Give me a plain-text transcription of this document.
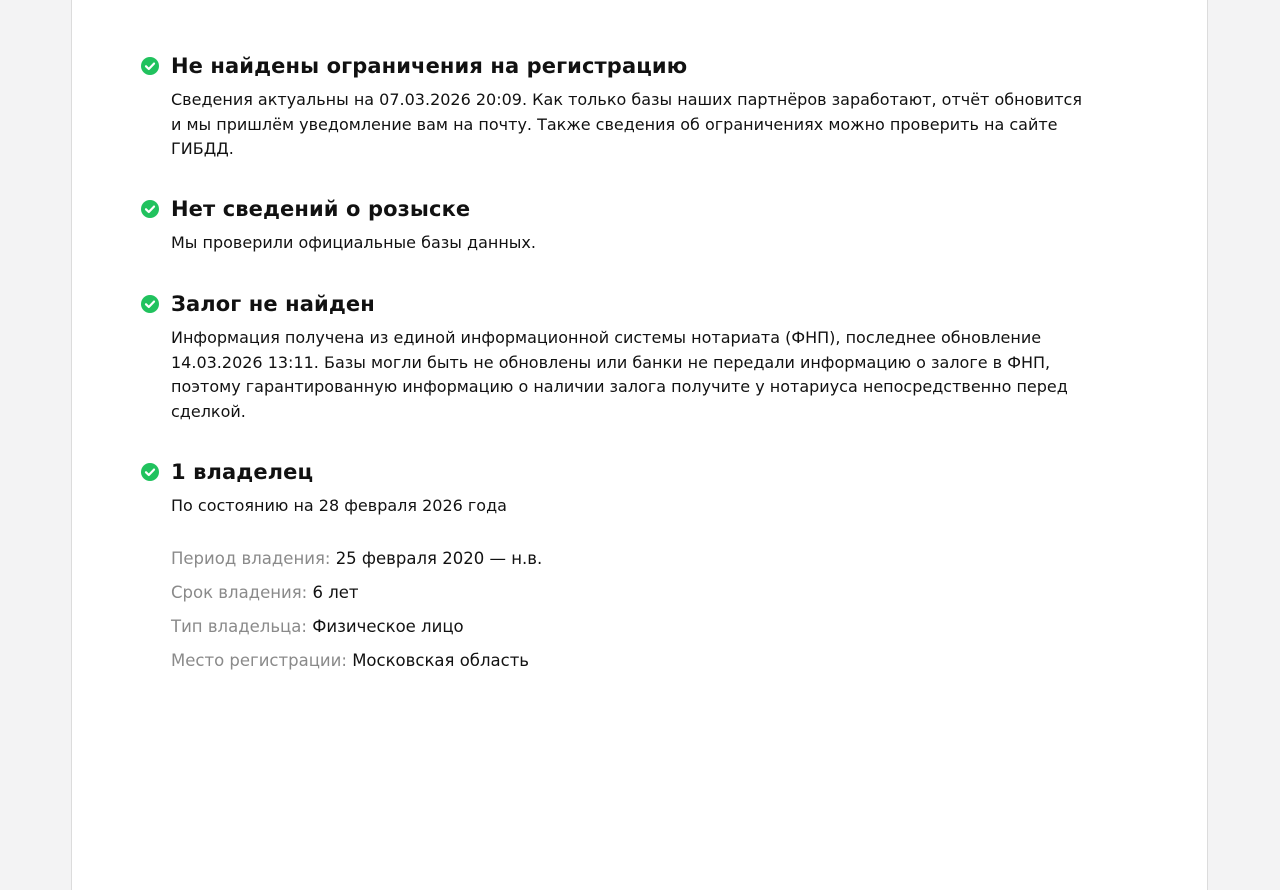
Не найдены ограничения на регистрацию
Сведения актуальны на 07.03.2026 20:09. Как только базы наших партнёров заработают, отчёт обновится и мы пришлём уведомление вам на почту. Также сведения об ограничениях можно проверить на сайте ГИБДД.
Нет сведений о розыске
Мы проверили официальные базы данных.
Залог не найден
Информация получена из единой информационной системы нотариата (ФНП), последнее обновление 14.03.2026 13:11. Базы могли быть не обновлены или банки не передали информацию о залоге в ФНП, поэтому гарантированную информацию о наличии залога получите у нотариуса непосредственно перед сделкой.
1 владелец
По состоянию на 28 февраля 2026 года
Период владения: 25 февраля 2020 — н.в.
Срок владения: 6 лет
Тип владельца: Физическое лицо
Место регистрации: Московская область
